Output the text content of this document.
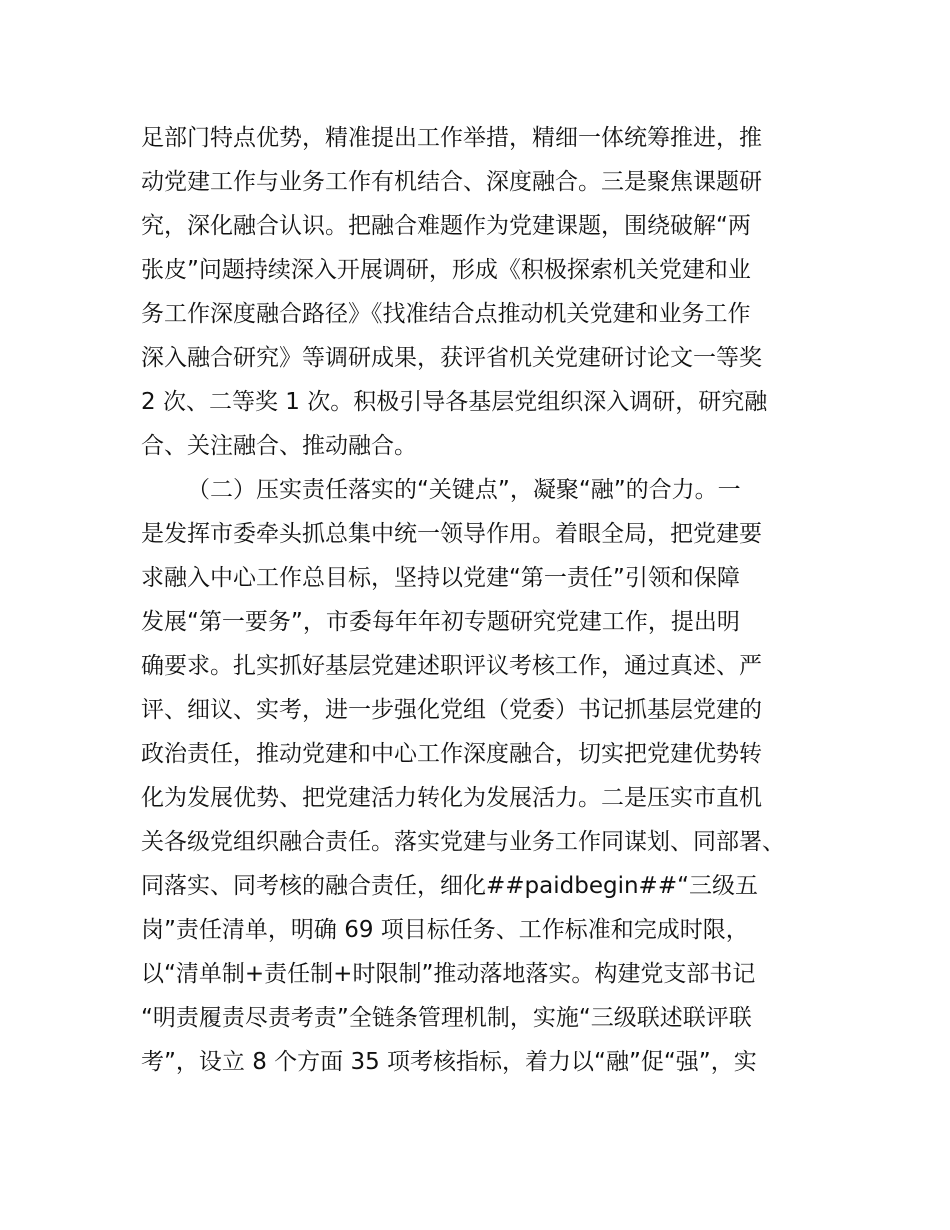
足部门特点优势，精准提出工作举措，精细一体统筹推进，推
动党建工作与业务工作有机结合、深度融合。三是聚焦课题研
究，深化融合认识。把融合难题作为党建课题，围绕破解“两
张皮”问题持续深入开展调研，形成《积极探索机关党建和业
务工作深度融合路径》《找准结合点推动机关党建和业务工作
深入融合研究》等调研成果，获评省机关党建研讨论文一等奖
2 次、二等奖 1 次。积极引导各基层党组织深入调研，研究融
合、关注融合、推动融合。
（二）压实责任落实的“关键点”，凝聚“融”的合力。一
是发挥市委牵头抓总集中统一领导作用。着眼全局，把党建要
求融入中心工作总目标，坚持以党建“第一责任”引领和保障
发展“第一要务”，市委每年年初专题研究党建工作，提出明
确要求。扎实抓好基层党建述职评议考核工作，通过真述、严
评、细议、实考，进一步强化党组（党委）书记抓基层党建的
政治责任，推动党建和中心工作深度融合，切实把党建优势转
化为发展优势、把党建活力转化为发展活力。二是压实市直机
关各级党组织融合责任。落实党建与业务工作同谋划、同部署、
同落实、同考核的融合责任，细化##paidbegin##“三级五
岗”责任清单，明确 69 项目标任务、工作标准和完成时限，
以“清单制+责任制+时限制”推动落地落实。构建党支部书记
“明责履责尽责考责”全链条管理机制，实施“三级联述联评联
考”，设立 8 个方面 35 项考核指标，着力以“融”促“强”，实
